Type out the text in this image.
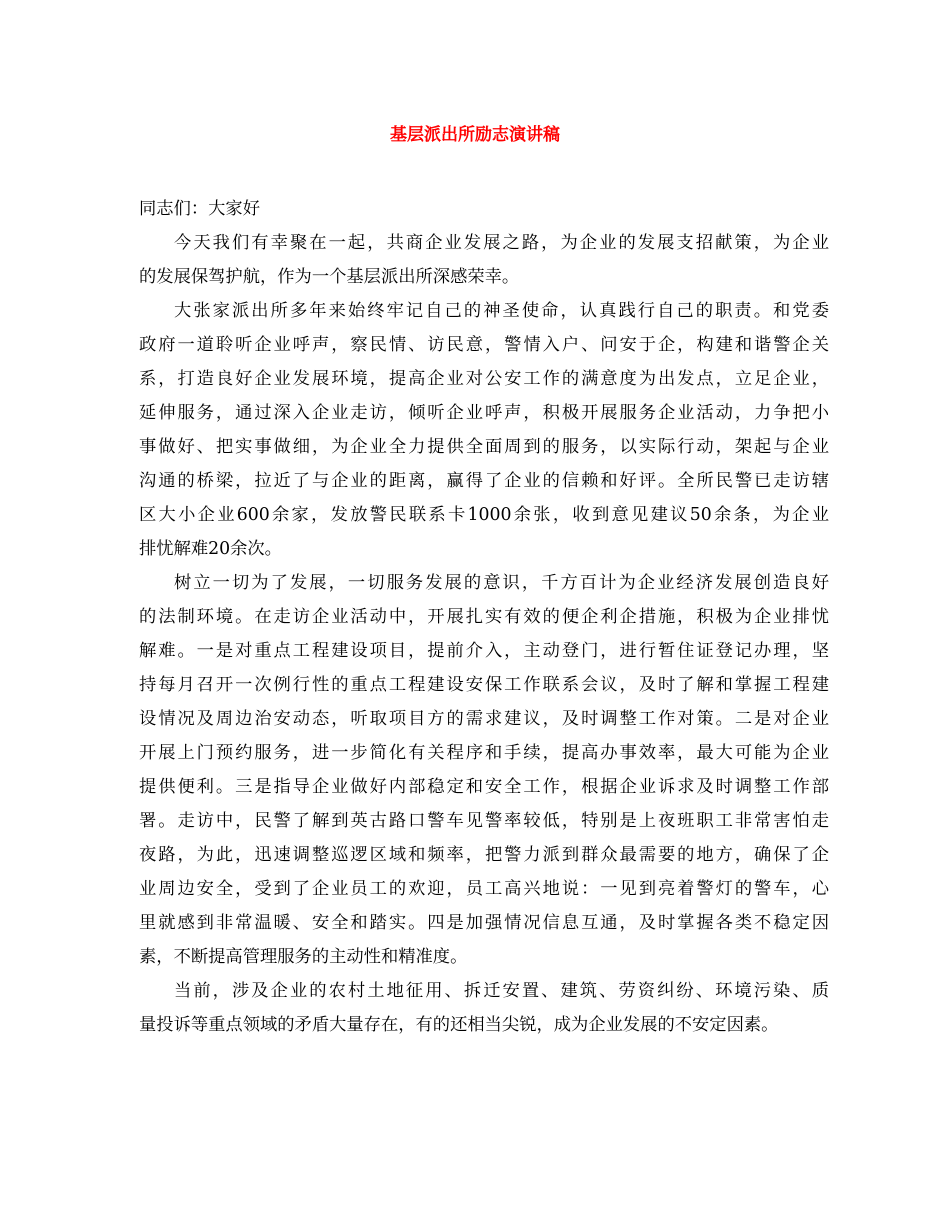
基层派出所励志演讲稿

同志们：大家好

今天我们有幸聚在一起，共商企业发展之路，为企业的发展支招献策，为企业
的发展保驾护航，作为一个基层派出所深感荣幸。

大张家派出所多年来始终牢记自己的神圣使命，认真践行自己的职责。和党委
政府一道聆听企业呼声，察民情、访民意，警情入户、问安于企，构建和谐警企关
系，打造良好企业发展环境，提高企业对公安工作的满意度为出发点，立足企业，
延伸服务，通过深入企业走访，倾听企业呼声，积极开展服务企业活动，力争把小
事做好、把实事做细，为企业全力提供全面周到的服务，以实际行动，架起与企业
沟通的桥梁，拉近了与企业的距离，赢得了企业的信赖和好评。全所民警已走访辖
区大小企业600余家，发放警民联系卡1000余张，收到意见建议50余条，为企业
排忧解难20余次。

树立一切为了发展，一切服务发展的意识，千方百计为企业经济发展创造良好
的法制环境。在走访企业活动中，开展扎实有效的便企利企措施，积极为企业排忧
解难。一是对重点工程建设项目，提前介入，主动登门，进行暂住证登记办理，坚
持每月召开一次例行性的重点工程建设安保工作联系会议，及时了解和掌握工程建
设情况及周边治安动态，听取项目方的需求建议，及时调整工作对策。二是对企业
开展上门预约服务，进一步简化有关程序和手续，提高办事效率，最大可能为企业
提供便利。三是指导企业做好内部稳定和安全工作，根据企业诉求及时调整工作部
署。走访中，民警了解到英古路口警车见警率较低，特别是上夜班职工非常害怕走
夜路，为此，迅速调整巡逻区域和频率，把警力派到群众最需要的地方，确保了企
业周边安全，受到了企业员工的欢迎，员工高兴地说：一见到亮着警灯的警车，心
里就感到非常温暖、安全和踏实。四是加强情况信息互通，及时掌握各类不稳定因
素，不断提高管理服务的主动性和精准度。

当前，涉及企业的农村土地征用、拆迁安置、建筑、劳资纠纷、环境污染、质
量投诉等重点领域的矛盾大量存在，有的还相当尖锐，成为企业发展的不安定因素。
